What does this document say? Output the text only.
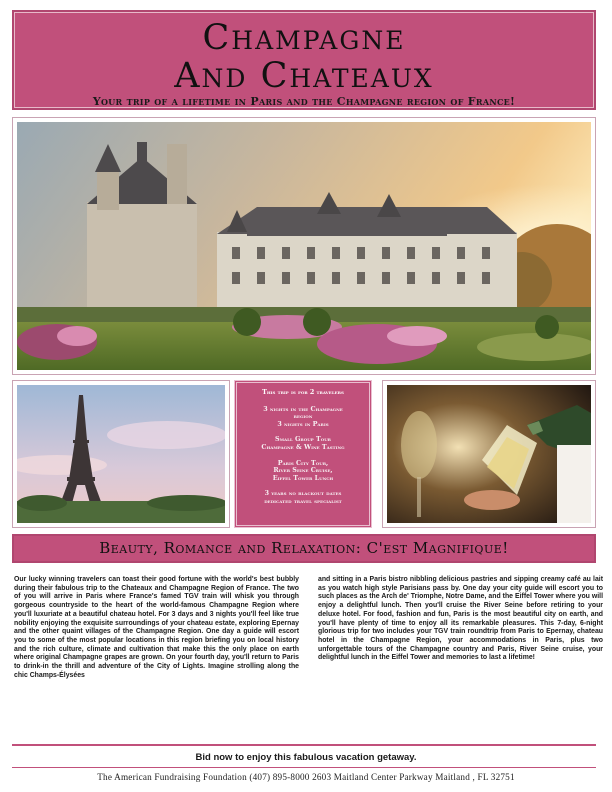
Champagne
And Chateaux
Your trip of a lifetime in Paris and the Champagne region of France!
This trip is for 2 travelers
3 nights in the Champagne
region
3 nights in Paris
Small Group Tour
Champagne & Wine Tasting
Paris City Tour,
River Seine Cruise,
Eiffel Tower Lunch
3 years no blackout dates
dedicated travel specialist
Beauty, Romance and Relaxation: C'est Magnifique!
Our lucky winning travelers can toast their good fortune with the world's best bubbly during their fabulous trip to the Chateaux and Champagne Region of France. The two of you will arrive in Paris where France's famed TGV train will whisk you through gorgeous countryside to the heart of the world-famous Champagne Region where you'll luxuriate at a beautiful chateau hotel. For 3 days and 3 nights you'll feel like true nobility enjoying the exquisite surroundings of your chateau estate, exploring Epernay and the other quaint villages of the Champagne Region. One day a guide will escort you to some of the most popular locations in this region briefing you on local history and the rich culture, climate and cultivation that make this the only place on earth where original Champagne grapes are grown. On your fourth day, you'll return to Paris to drink-in the thrill and adventure of the City of Lights. Imagine strolling along the chic Champs-Élysées
and sitting in a Paris bistro nibbling delicious pastries and sipping creamy café au lait as you watch high style Parisians pass by. One day your city guide will escort you to such places as the Arch de' Triomphe, Notre Dame, and the Eiffel Tower where you will enjoy a delightful lunch. Then you'll cruise the River Seine before retiring to your deluxe hotel. For food, fashion and fun, Paris is the most beautiful city on earth, and you'll have plenty of time to enjoy all its remarkable pleasures. This 7-day, 6-night glorious trip for two includes your TGV train roundtrip from Paris to Epernay, chateau hotel in the Champagne Region, your accommodations in Paris, plus two unforgettable tours of the Champagne country and Paris, River Seine cruise, your delightful lunch in the Eiffel Tower and memories to last a lifetime!
Bid now to enjoy this fabulous vacation getaway.
The American Fundraising Foundation (407) 895-8000 2603 Maitland Center Parkway Maitland , FL 32751
